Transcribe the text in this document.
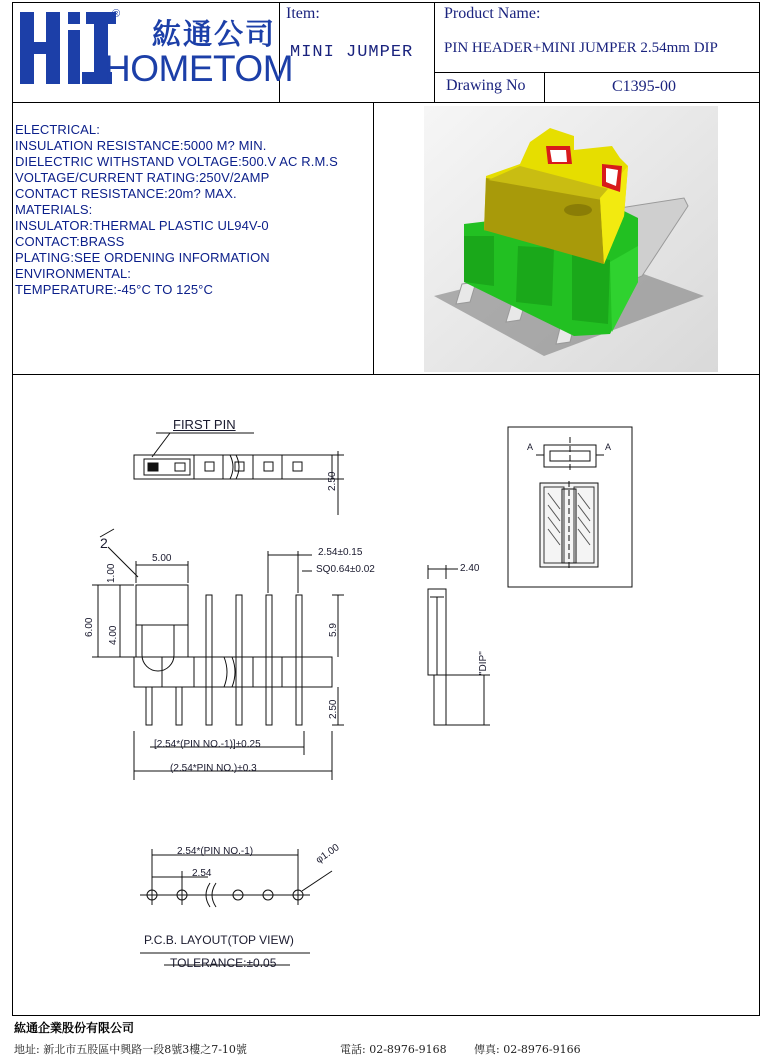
®
紘通公司
HOMETOM
Item:
MINI JUMPER
Product Name:
PIN HEADER+MINI JUMPER 2.54mm DIP
Drawing No	C1395-00
ELECTRICAL:
INSULATION RESISTANCE:5000 M? MIN.
DIELECTRIC WITHSTAND VOLTAGE:500.V AC R.M.S
VOLTAGE/CURRENT RATING:250V/2AMP
CONTACT RESISTANCE:20m? MAX.
MATERIALS:
INSULATOR:THERMAL PLASTIC UL94V-0
CONTACT:BRASS
PLATING:SEE ORDENING INFORMATION
ENVIRONMENTAL:
TEMPERATURE:-45°C TO 125°C
FIRST PIN
2
2.50
5.00
1.00
6.00 4.00
2.54±0.15
SQ0.64±0.02
5.9
2.50
[2.54*(PIN NO.-1)]±0.25
(2.54*PIN NO.)±0.3
2.40
"DIP"
A	A
2.54*(PIN NO.-1)
2.54
φ1.00
P.C.B. LAYOUT(TOP VIEW)
TOLERANCE:±0.05
紘通企業股份有限公司
地址: 新北市五股區中興路一段8號3樓之7-10號	電話: 02-8976-9168 傳真: 02-8976-9166
